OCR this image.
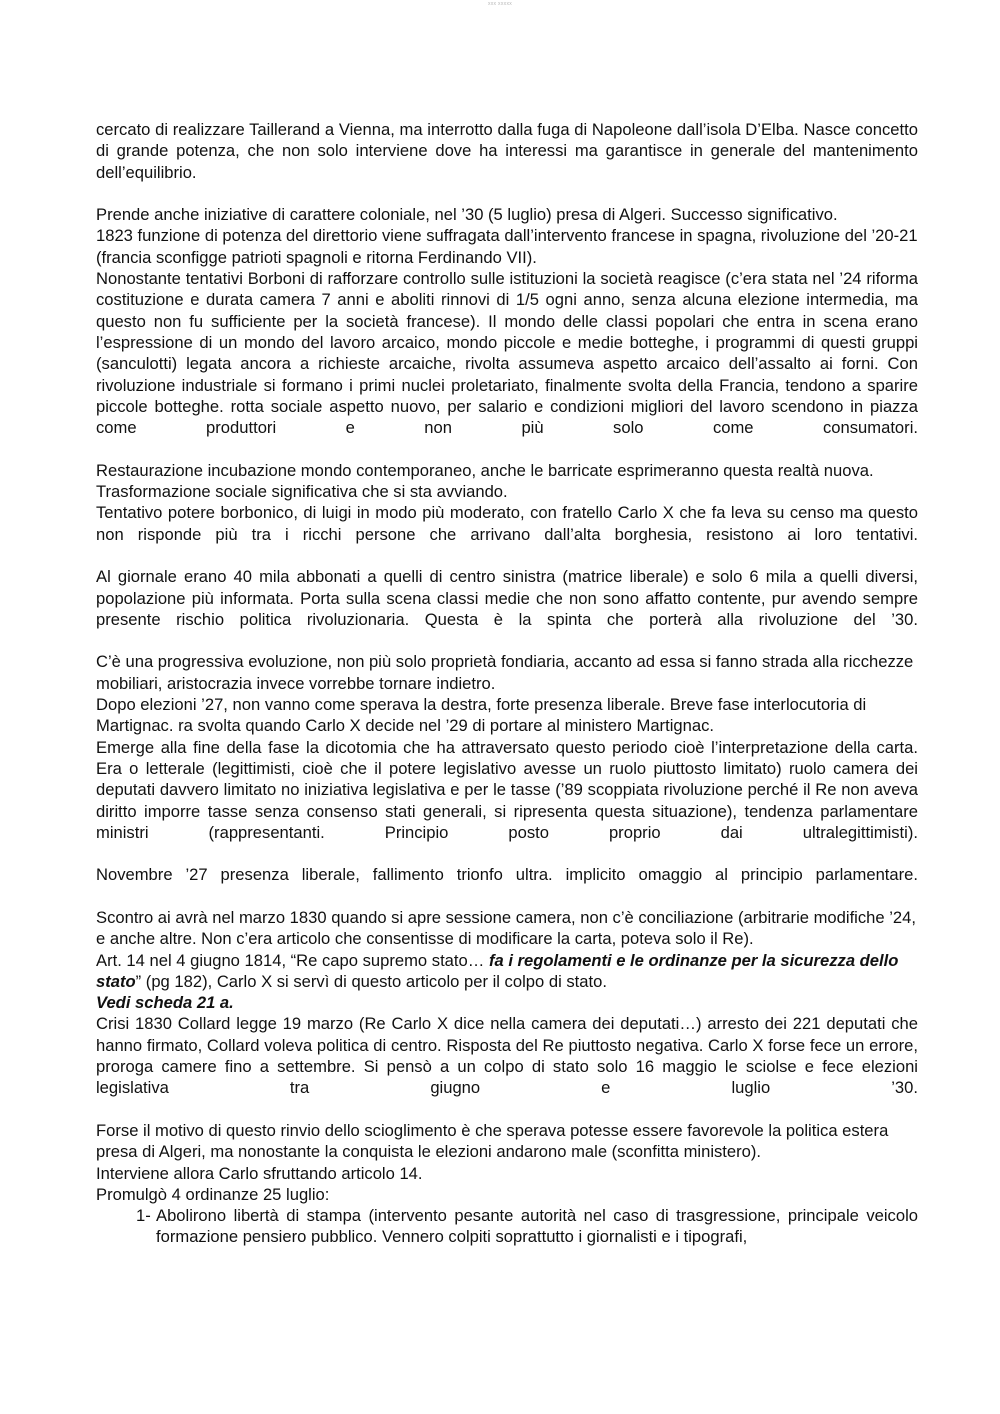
xxx xxxxx

cercato di realizzare Taillerand a Vienna, ma interrotto dalla fuga di Napoleone dall’isola D’Elba. Nasce concetto di grande potenza, che non solo interviene dove ha interessi ma garantisce in generale del mantenimento dell’equilibrio.

Prende anche iniziative di carattere coloniale, nel ’30 (5 luglio) presa di Algeri. Successo significativo.

1823 funzione di potenza del direttorio viene suffragata dall’intervento francese in spagna, rivoluzione del ’20-21 (francia sconfigge patrioti spagnoli e ritorna Ferdinando VII).

Nonostante tentativi Borboni di rafforzare controllo sulle istituzioni la società reagisce (c’era stata nel ’24 riforma costituzione e durata camera 7 anni e aboliti rinnovi di 1/5 ogni anno, senza alcuna elezione intermedia, ma questo non fu sufficiente per la società francese). Il mondo delle classi popolari che entra in scena erano l’espressione di un mondo del lavoro arcaico, mondo piccole e medie botteghe, i programmi di questi gruppi (sanculotti) legata ancora a richieste arcaiche, rivolta assumeva aspetto arcaico dell’assalto ai forni. Con rivoluzione industriale si formano i primi nuclei proletariato, finalmente svolta della Francia, tendono a sparire piccole botteghe. rotta sociale aspetto nuovo, per salario e condizioni migliori del lavoro scendono in piazza come produttori e non più solo come consumatori.

Restaurazione incubazione mondo contemporaneo, anche le barricate esprimeranno questa realtà nuova.

Trasformazione sociale significativa che si sta avviando.

Tentativo potere borbonico, di luigi in modo più moderato, con fratello Carlo X che fa leva su censo ma questo non risponde più tra i ricchi persone che arrivano dall’alta borghesia, resistono ai loro tentativi.

Al giornale erano 40 mila abbonati a quelli di centro sinistra (matrice liberale) e solo 6 mila a quelli diversi, popolazione più informata. Porta sulla scena classi medie che non sono affatto contente, pur avendo sempre presente rischio politica rivoluzionaria. Questa è la spinta che porterà alla rivoluzione del ’30.

C’è una progressiva evoluzione, non più solo proprietà fondiaria, accanto ad essa si fanno strada alla ricchezze mobiliari, aristocrazia invece vorrebbe tornare indietro.

Dopo elezioni ’27, non vanno come sperava la destra, forte presenza liberale. Breve fase interlocutoria di Martignac. ra svolta quando Carlo X decide nel ’29 di portare al ministero Martignac.

Emerge alla fine della fase la dicotomia che ha attraversato questo periodo cioè l’interpretazione della carta. Era o letterale (legittimisti, cioè che il potere legislativo avesse un ruolo piuttosto limitato) ruolo camera dei deputati davvero limitato no iniziativa legislativa e per le tasse (’89 scoppiata rivoluzione perché il Re non aveva diritto imporre tasse senza consenso stati generali, si ripresenta questa situazione), tendenza parlamentare ministri (rappresentanti. Principio posto proprio dai ultralegittimisti).

Novembre ’27 presenza liberale, fallimento trionfo ultra. implicito omaggio al principio parlamentare.

Scontro ai avrà nel marzo 1830 quando si apre sessione camera, non c’è conciliazione (arbitrarie modifiche ’24, e anche altre. Non c’era articolo che consentisse di modificare la carta, poteva solo il Re).

Art. 14 nel 4 giugno 1814, “Re capo supremo stato… fa i regolamenti e le ordinanze per la sicurezza dello stato” (pg 182), Carlo X si servì di questo articolo per il colpo di stato.

Vedi scheda 21 a.

Crisi 1830 Collard legge 19 marzo (Re Carlo X dice nella camera dei deputati…) arresto dei 221 deputati che hanno firmato, Collard voleva politica di centro. Risposta del Re piuttosto negativa. Carlo X forse fece un errore, proroga camere fino a settembre. Si pensò a un colpo di stato solo 16 maggio le sciolse e fece elezioni legislativa tra giugno e luglio ’30.

Forse il motivo di questo rinvio dello scioglimento è che sperava potesse essere favorevole la politica estera presa di Algeri, ma nonostante la conquista le elezioni andarono male (sconfitta ministero).

Interviene allora Carlo sfruttando articolo 14.

Promulgò 4 ordinanze 25 luglio:

1- Abolirono libertà di stampa (intervento pesante autorità nel caso di trasgressione, principale veicolo formazione pensiero pubblico. Vennero colpiti soprattutto i giornalisti e i tipografi,
